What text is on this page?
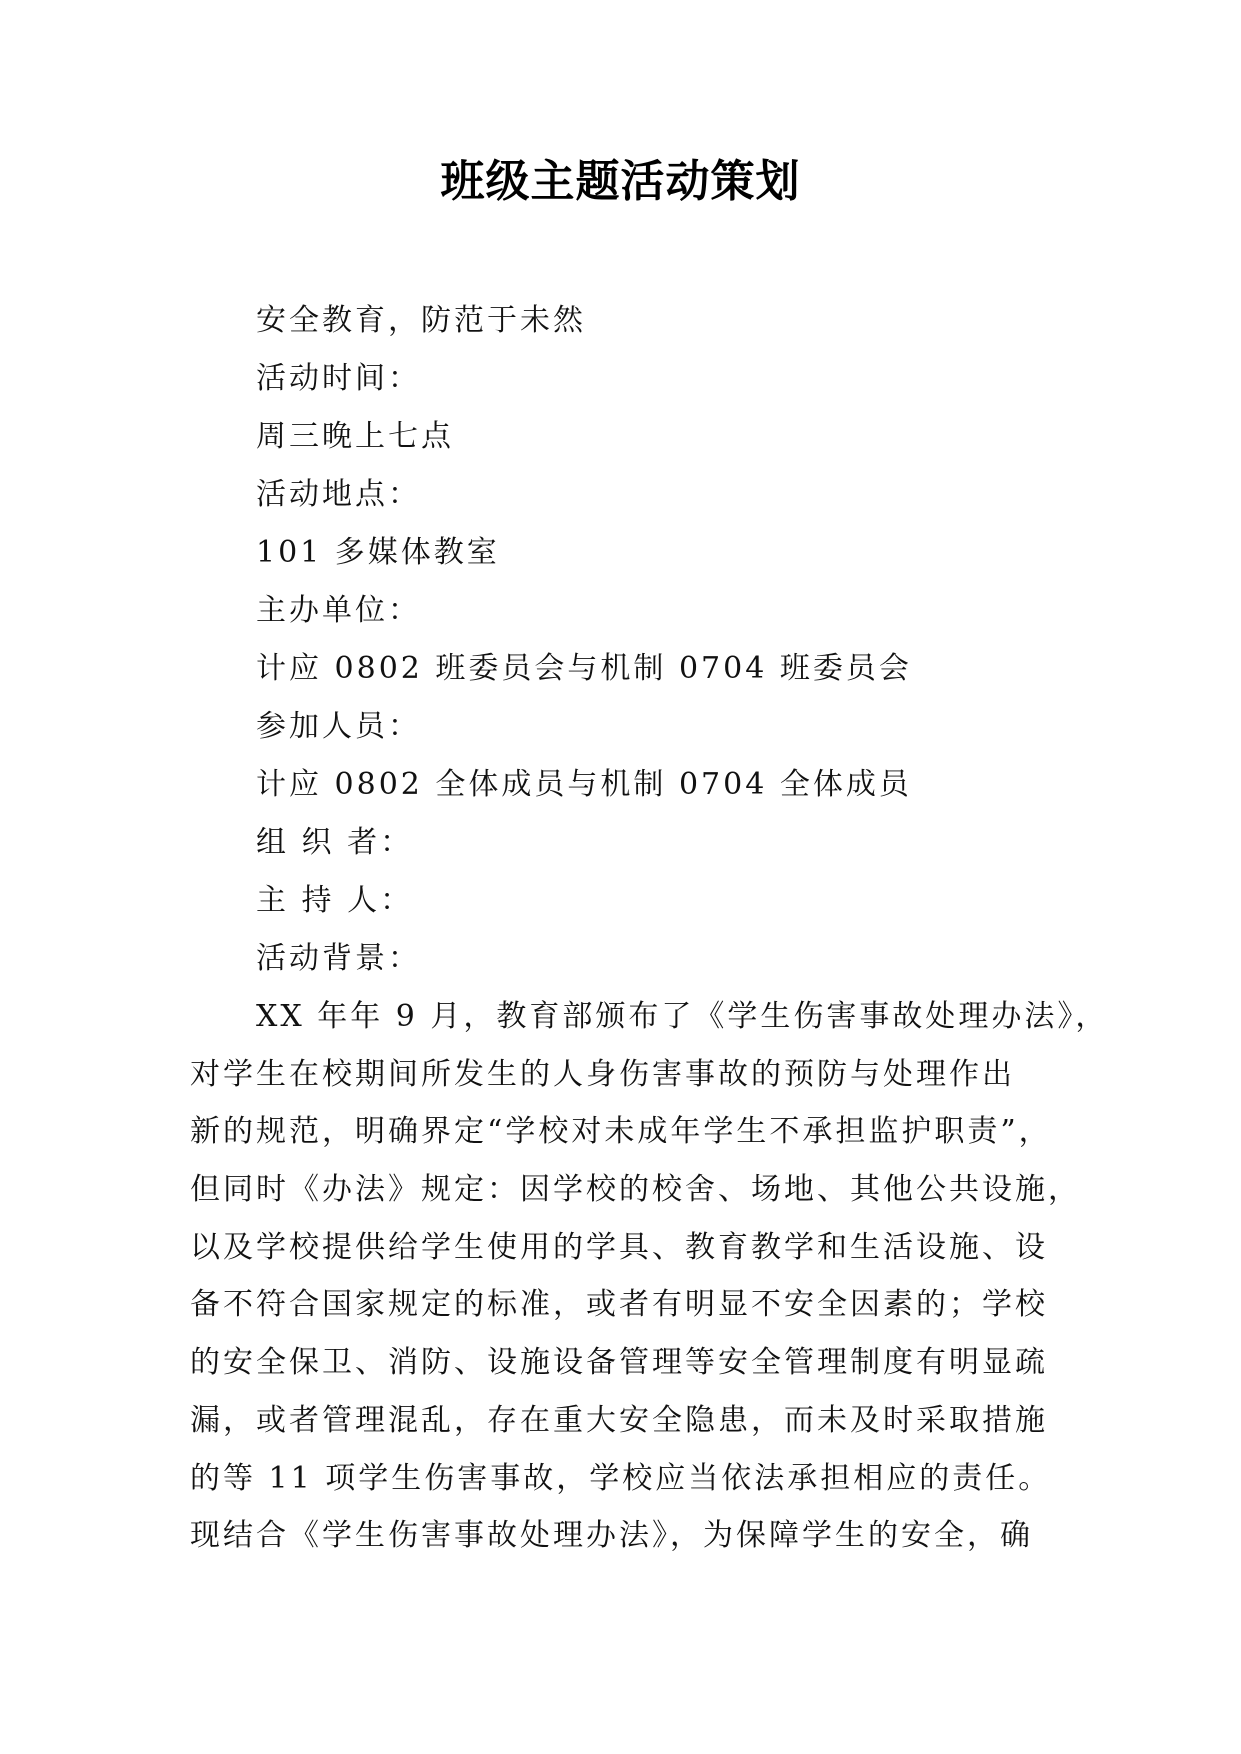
班级主题活动策划
安全教育，防范于未然
活动时间：
周三晚上七点
活动地点：
101 多媒体教室
主办单位：
计应 0802 班委员会与机制 0704 班委员会
参加人员：
计应 0802 全体成员与机制 0704 全体成员
组 织 者：
主 持 人：
活动背景：
XX 年年 9 月，教育部颁布了《学生伤害事故处理办法》，
对学生在校期间所发生的人身伤害事故的预防与处理作出
新的规范，明确界定“学校对未成年学生不承担监护职责”，
但同时《办法》规定：因学校的校舍、场地、其他公共设施，
以及学校提供给学生使用的学具、教育教学和生活设施、设
备不符合国家规定的标准，或者有明显不安全因素的；学校
的安全保卫、消防、设施设备管理等安全管理制度有明显疏
漏，或者管理混乱，存在重大安全隐患，而未及时采取措施
的等 11 项学生伤害事故，学校应当依法承担相应的责任。
现结合《学生伤害事故处理办法》，为保障学生的安全，确
